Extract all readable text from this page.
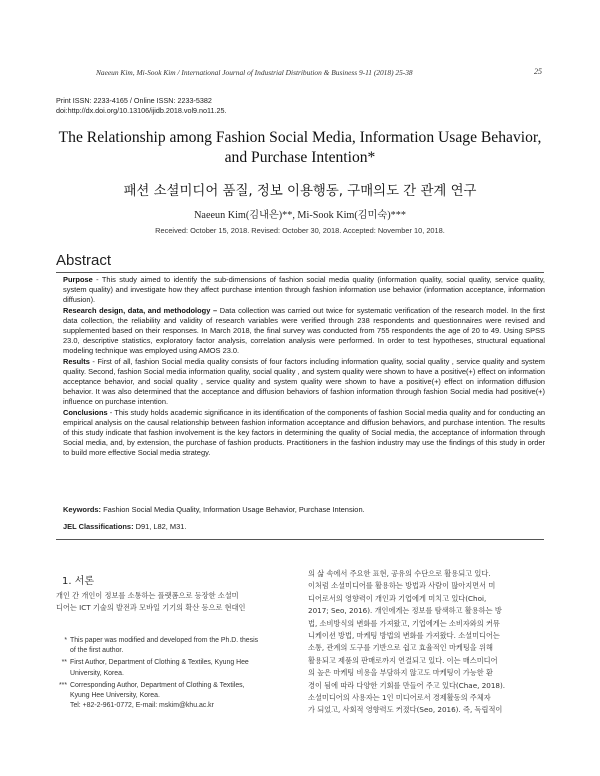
Naeeun Kim, Mi-Sook Kim / International Journal of Industrial Distribution & Business 9-11 (2018) 25-38	25
Print ISSN: 2233-4165 / Online ISSN: 2233-5382
doi:http://dx.doi.org/10.13106/ijidb.2018.vol9.no11.25.
The Relationship among Fashion Social Media, Information Usage Behavior,
and Purchase Intention*
패션 소셜미디어 품질, 정보 이용행동, 구매의도 간 관계 연구
Naeeun Kim(김내은)**, Mi-Sook Kim(김미숙)***
Received: October 15, 2018. Revised: October 30, 2018. Accepted: November 10, 2018.
Abstract

Purpose - This study aimed to identify the sub-dimensions of fashion social media quality (information quality, social quality, service quality, system quality) and investigate how they affect purchase intention through fashion information use behavior (information acceptance, information diffusion).

Research design, data, and methodology – Data collection was carried out twice for systematic verification of the research model. In the first data collection, the reliability and validity of research variables were verified through 238 respondents and questionnaires were revised and supplemented based on their responses. In March 2018, the final survey was conducted from 755 respondents the age of 20 to 49. Using SPSS 23.0, descriptive statistics, exploratory factor analysis, correlation analysis were performed. In order to test hypotheses, structural equational modeling technique was employed using AMOS 23.0.

Results - First of all, fashion Social media quality consists of four factors including information quality, social quality , service quality and system quality. Second, fashion Social media information quality, social quality , and system quality were shown to have a positive(+) effect on information acceptance behavior, and social quality , service quality and system quality were shown to have a positive(+) effect on information diffusion behavior. It was also determined that the acceptance and diffusion behaviors of fashion information through fashion Social media had positive(+) influence on purchase intention.

Conclusions - This study holds academic significance in its identification of the components of fashion Social media quality and for conducting an empirical analysis on the causal relationship between fashion information acceptance and diffusion behaviors, and purchase intention. The results of this study indicate that fashion involvement is the key factors in determining the quality of Social media, the acceptance of information through Social media, and, by extension, the purchase of fashion products. Practitioners in the fashion industry may use the findings of this study in order to build more effective Social media strategy.

Keywords: Fashion Social Media Quality, Information Usage Behavior, Purchase Intension.
JEL Classifications: D91, L82, M31.
1. 서론
개인 간 개인이 정보를 소통하는 플랫폼으로 등장한 소셜미
디어는 ICT 기술의 발전과 모바일 기기의 확산 등으로 현대인
* This paper was modified and developed from the Ph.D. thesis
of the first author.
** First Author, Department of Clothing & Textiles, Kyung Hee
University, Korea.
*** Corresponding Author, Department of Clothing & Textiles,
Kyung Hee University, Korea.
Tel: +82-2-961-0772, E-mail: mskim@khu.ac.kr
의 삶 속에서 주요한 표현, 공유의 수단으로 활용되고 있다.
이처럼 소셜미디어를 활용하는 방법과 사람이 많아지면서 미
디어로서의 영향력이 개인과 기업에게 미치고 있다(Choi,
2017; Seo, 2016). 개인에게는 정보를 탐색하고 활용하는 방
법, 소비방식의 변화를 가져왔고, 기업에게는 소비자와의 커뮤
니케이션 방법, 마케팅 방법의 변화를 가져왔다. 소셜미디어는
소통, 관계의 도구를 기반으로 쉽고 효율적인 마케팅을 위해
활용되고 제품의 판매로까지 연결되고 있다. 이는 매스미디어
의 높은 마케팅 비용을 부담하지 않고도 마케팅이 가능한 환
경이 됨에 따라 다양한 기회를 만들어 주고 있다(Chae, 2018).
소셜미디어의 사용자는 1인 미디어로서 경제활동의 주체자
가 되었고, 사회적 영향력도 커졌다(Seo, 2016). 즉, 독립적이
